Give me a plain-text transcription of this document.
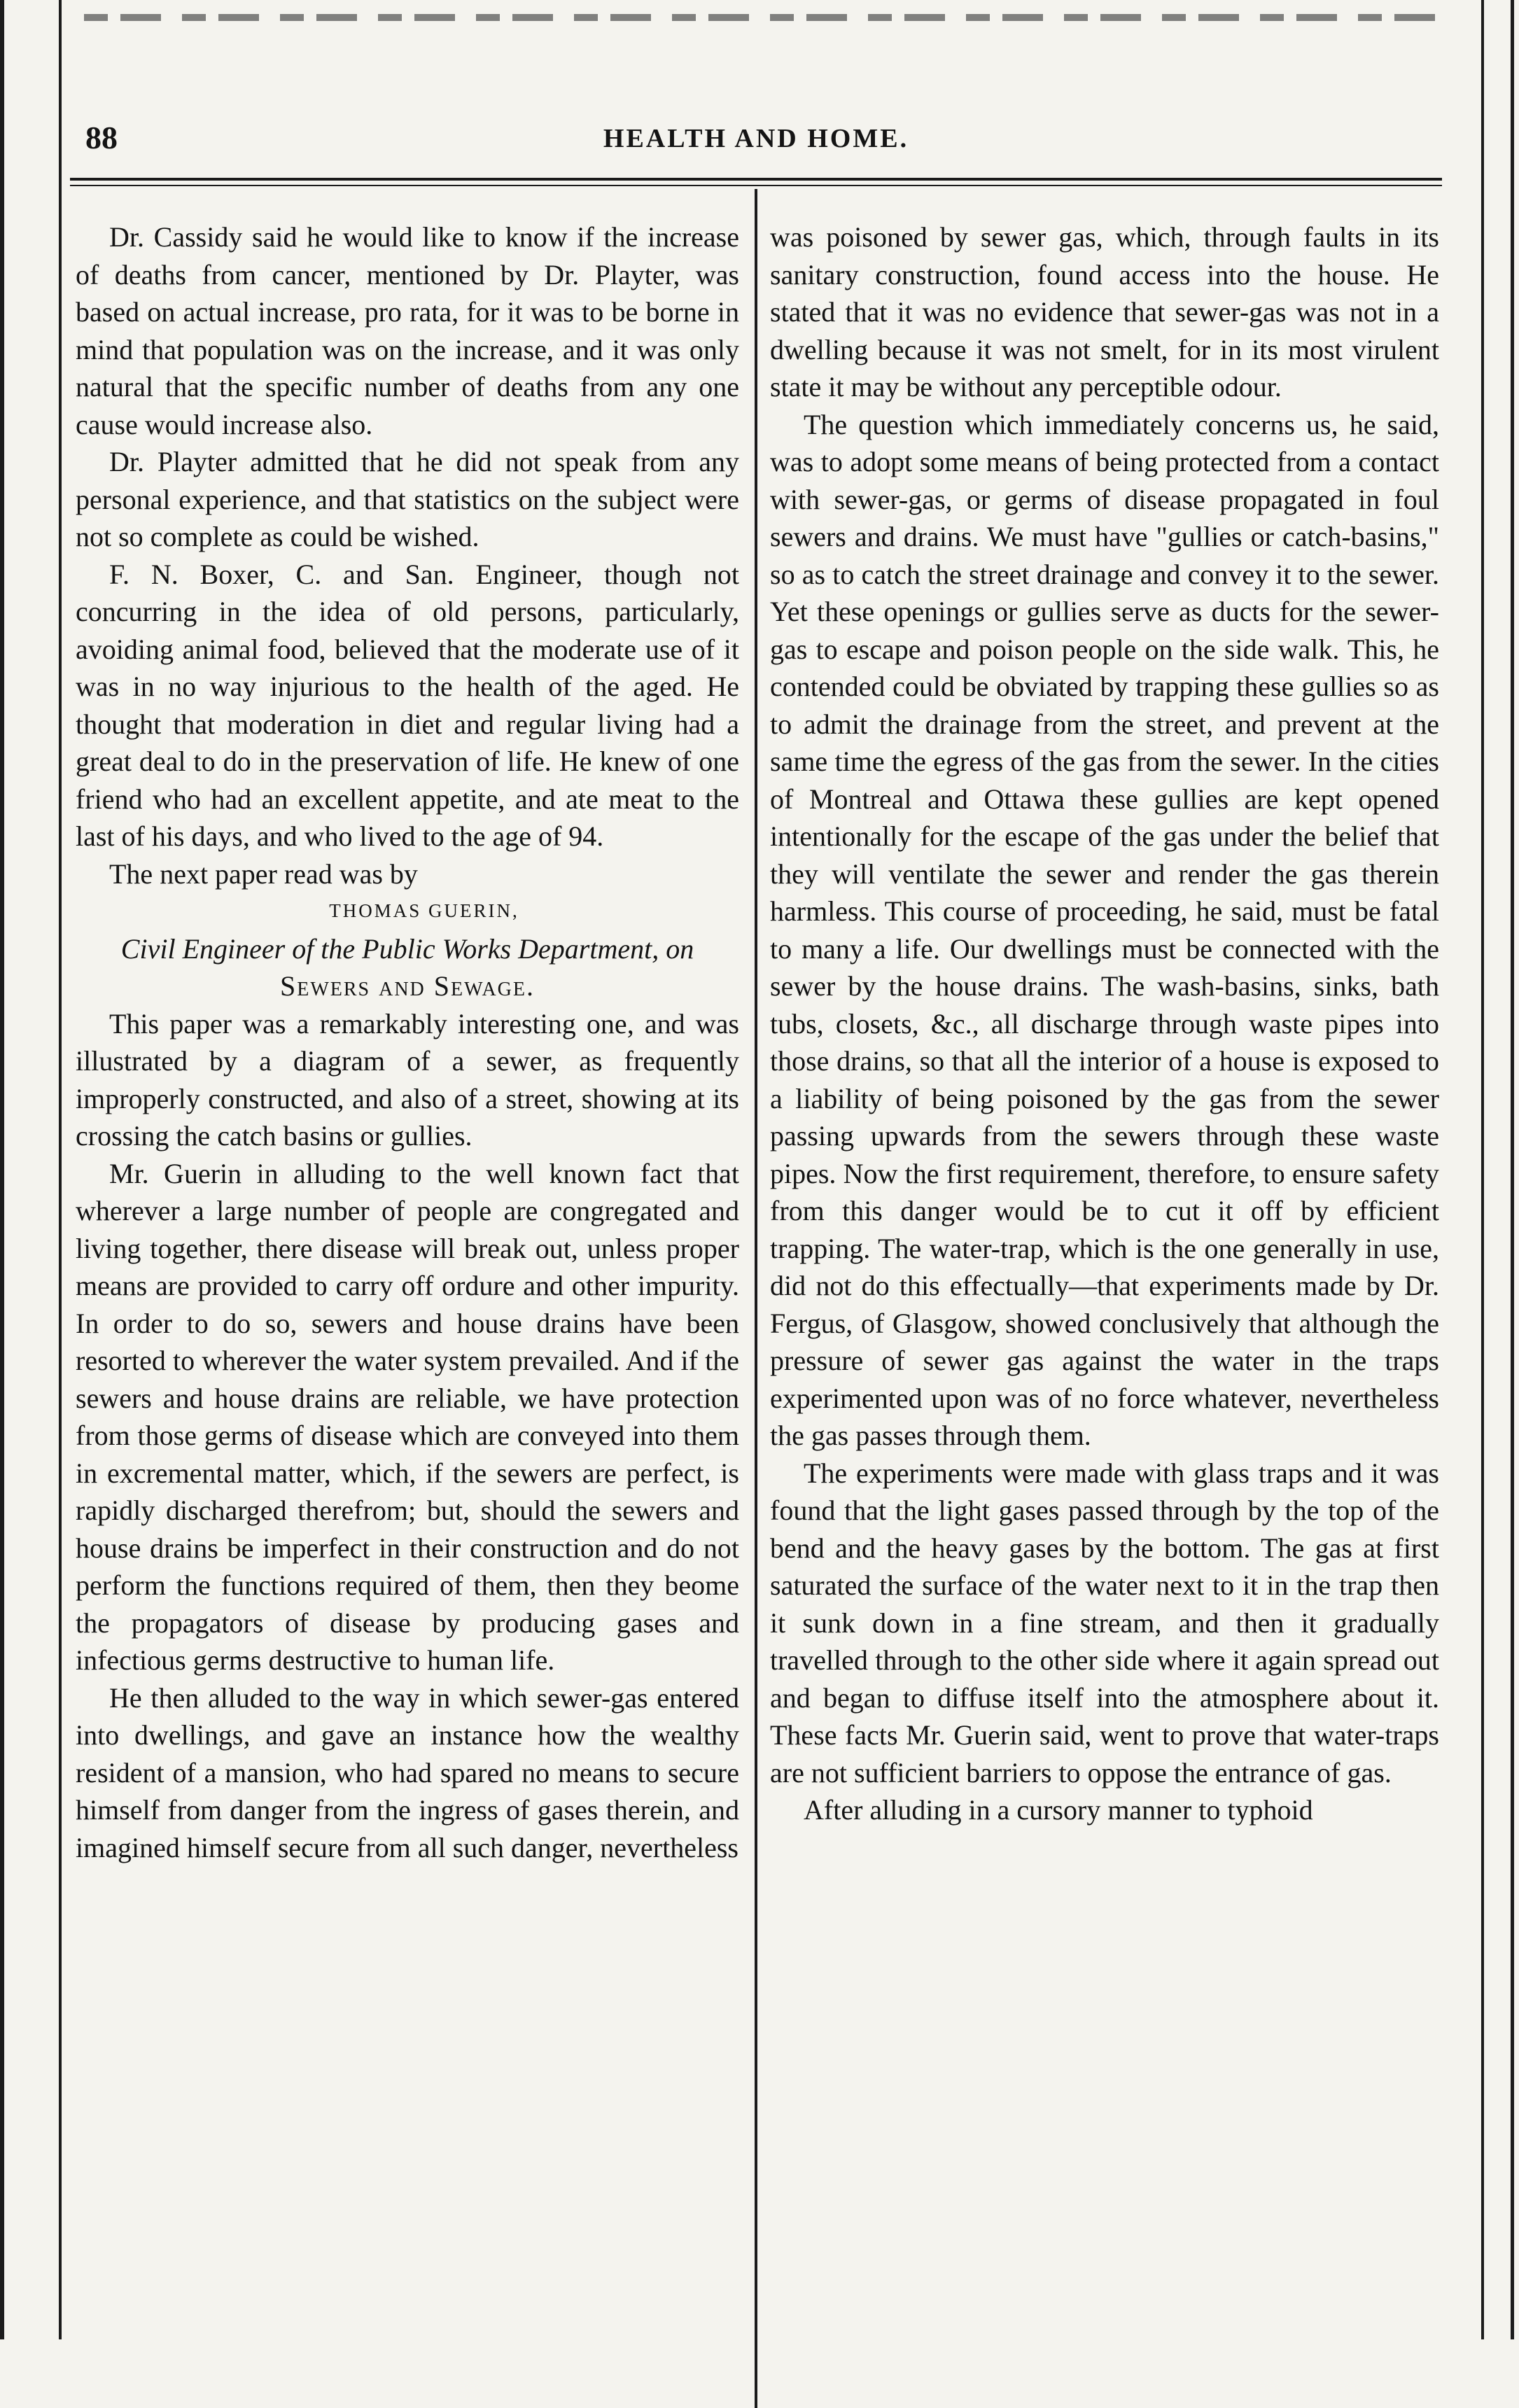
88	HEALTH AND HOME.

Dr. Cassidy said he would like to know if the increase of deaths from cancer, mentioned by Dr. Playter, was based on actual increase, pro rata, for it was to be borne in mind that population was on the increase, and it was only natural that the specific number of deaths from any one cause would increase also.

Dr. Playter admitted that he did not speak from any personal experience, and that statistics on the subject were not so complete as could be wished.

F. N. Boxer, C. and San. Engineer, though not concurring in the idea of old persons, particularly, avoiding animal food, believed that the moderate use of it was in no way injurious to the health of the aged. He thought that moderation in diet and regular living had a great deal to do in the preservation of life. He knew of one friend who had an excellent appetite, and ate meat to the last of his days, and who lived to the age of 94.

The next paper read was by

THOMAS GUERIN,

Civil Engineer of the Public Works Department, on

Sewers and Sewage.

This paper was a remarkably interesting one, and was illustrated by a diagram of a sewer, as frequently improperly constructed, and also of a street, showing at its crossing the catch basins or gullies.

Mr. Guerin in alluding to the well known fact that wherever a large number of people are congregated and living together, there disease will break out, unless proper means are provided to carry off ordure and other impurity. In order to do so, sewers and house drains have been resorted to wherever the water system prevailed. And if the sewers and house drains are reliable, we have protection from those germs of disease which are conveyed into them in excremental matter, which, if the sewers are perfect, is rapidly discharged therefrom; but, should the sewers and house drains be imperfect in their construction and do not perform the functions required of them, then they beome the propagators of disease by producing gases and infectious germs destructive to human life.

He then alluded to the way in which sewer-gas entered into dwellings, and gave an instance how the wealthy resident of a mansion, who had spared no means to secure himself from danger from the ingress of gases therein, and imagined himself secure from all such danger, nevertheless

was poisoned by sewer gas, which, through faults in its sanitary construction, found access into the house. He stated that it was no evidence that sewer-gas was not in a dwelling because it was not smelt, for in its most virulent state it may be without any perceptible odour.

The question which immediately concerns us, he said, was to adopt some means of being protected from a contact with sewer-gas, or germs of disease propagated in foul sewers and drains. We must have "gullies or catch-basins," so as to catch the street drainage and convey it to the sewer. Yet these openings or gullies serve as ducts for the sewer-gas to escape and poison people on the side walk. This, he contended could be obviated by trapping these gullies so as to admit the drainage from the street, and prevent at the same time the egress of the gas from the sewer. In the cities of Montreal and Ottawa these gullies are kept opened intentionally for the escape of the gas under the belief that they will ventilate the sewer and render the gas therein harmless. This course of proceeding, he said, must be fatal to many a life. Our dwellings must be connected with the sewer by the house drains. The wash-basins, sinks, bath tubs, closets, &c., all discharge through waste pipes into those drains, so that all the interior of a house is exposed to a liability of being poisoned by the gas from the sewer passing upwards from the sewers through these waste pipes. Now the first requirement, therefore, to ensure safety from this danger would be to cut it off by efficient trapping. The water-trap, which is the one generally in use, did not do this effectually—that experiments made by Dr. Fergus, of Glasgow, showed conclusively that although the pressure of sewer gas against the water in the traps experimented upon was of no force whatever, nevertheless the gas passes through them.

The experiments were made with glass traps and it was found that the light gases passed through by the top of the bend and the heavy gases by the bottom. The gas at first saturated the surface of the water next to it in the trap then it sunk down in a fine stream, and then it gradually travelled through to the other side where it again spread out and began to diffuse itself into the atmosphere about it. These facts Mr. Guerin said, went to prove that water-traps are not sufficient barriers to oppose the entrance of gas.

After alluding in a cursory manner to typhoid
